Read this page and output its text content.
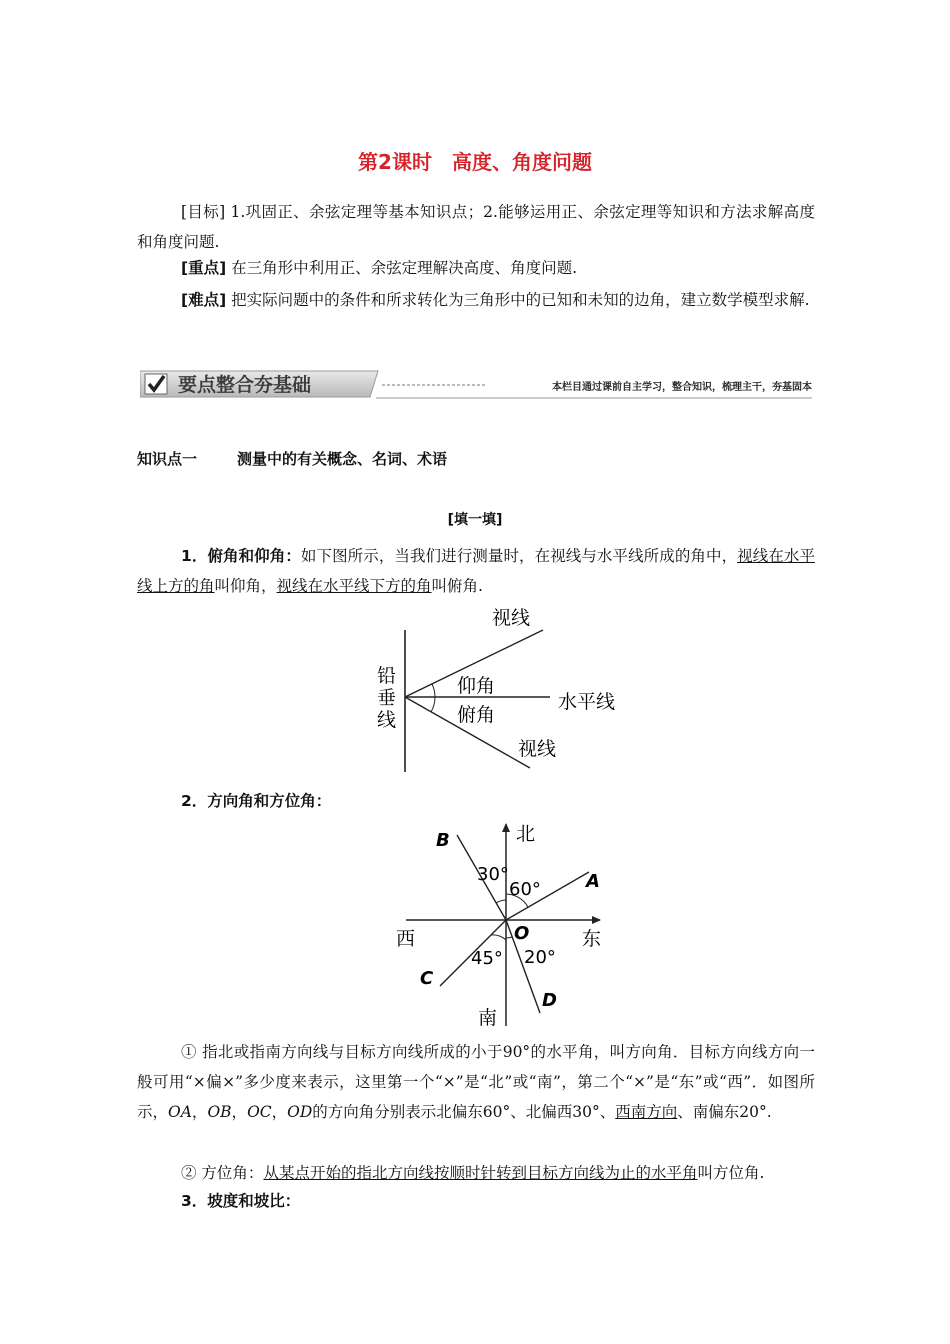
第2课时　高度、角度问题
[目标] 1.巩固正、余弦定理等基本知识点；2.能够运用正、余弦定理等知识和方法求解高度和角度问题.
[重点] 在三角形中利用正、余弦定理解决高度、角度问题.
[难点] 把实际问题中的条件和所求转化为三角形中的已知和未知的边角，建立数学模型求解.
要点整合夯基础	本栏目通过课前自主学习，整合知识，梳理主干，夯基固本
知识点一	测量中的有关概念、名词、术语
[填一填]
1．俯角和仰角：如下图所示，当我们进行测量时，在视线与水平线所成的角中，视线在水平线上方的角叫仰角，视线在水平线下方的角叫俯角.
视线
视线
铅
垂
线
仰角
俯角
水平线
2．方向角和方位角：
北
南
西	东
O
A
B
C
D
30°
60°
45° 20°
① 指北或指南方向线与目标方向线所成的小于90°的水平角，叫方向角．目标方向线方向一般可用“×偏×”多少度来表示，这里第一个“×”是“北”或“南”，第二个“×”是“东”或“西”．如图所示，OA，OB，OC，OD的方向角分别表示北偏东60°、北偏西30°、西南方向、南偏东20°.
② 方位角：从某点开始的指北方向线按顺时针转到目标方向线为止的水平角叫方位角.
3．坡度和坡比：
